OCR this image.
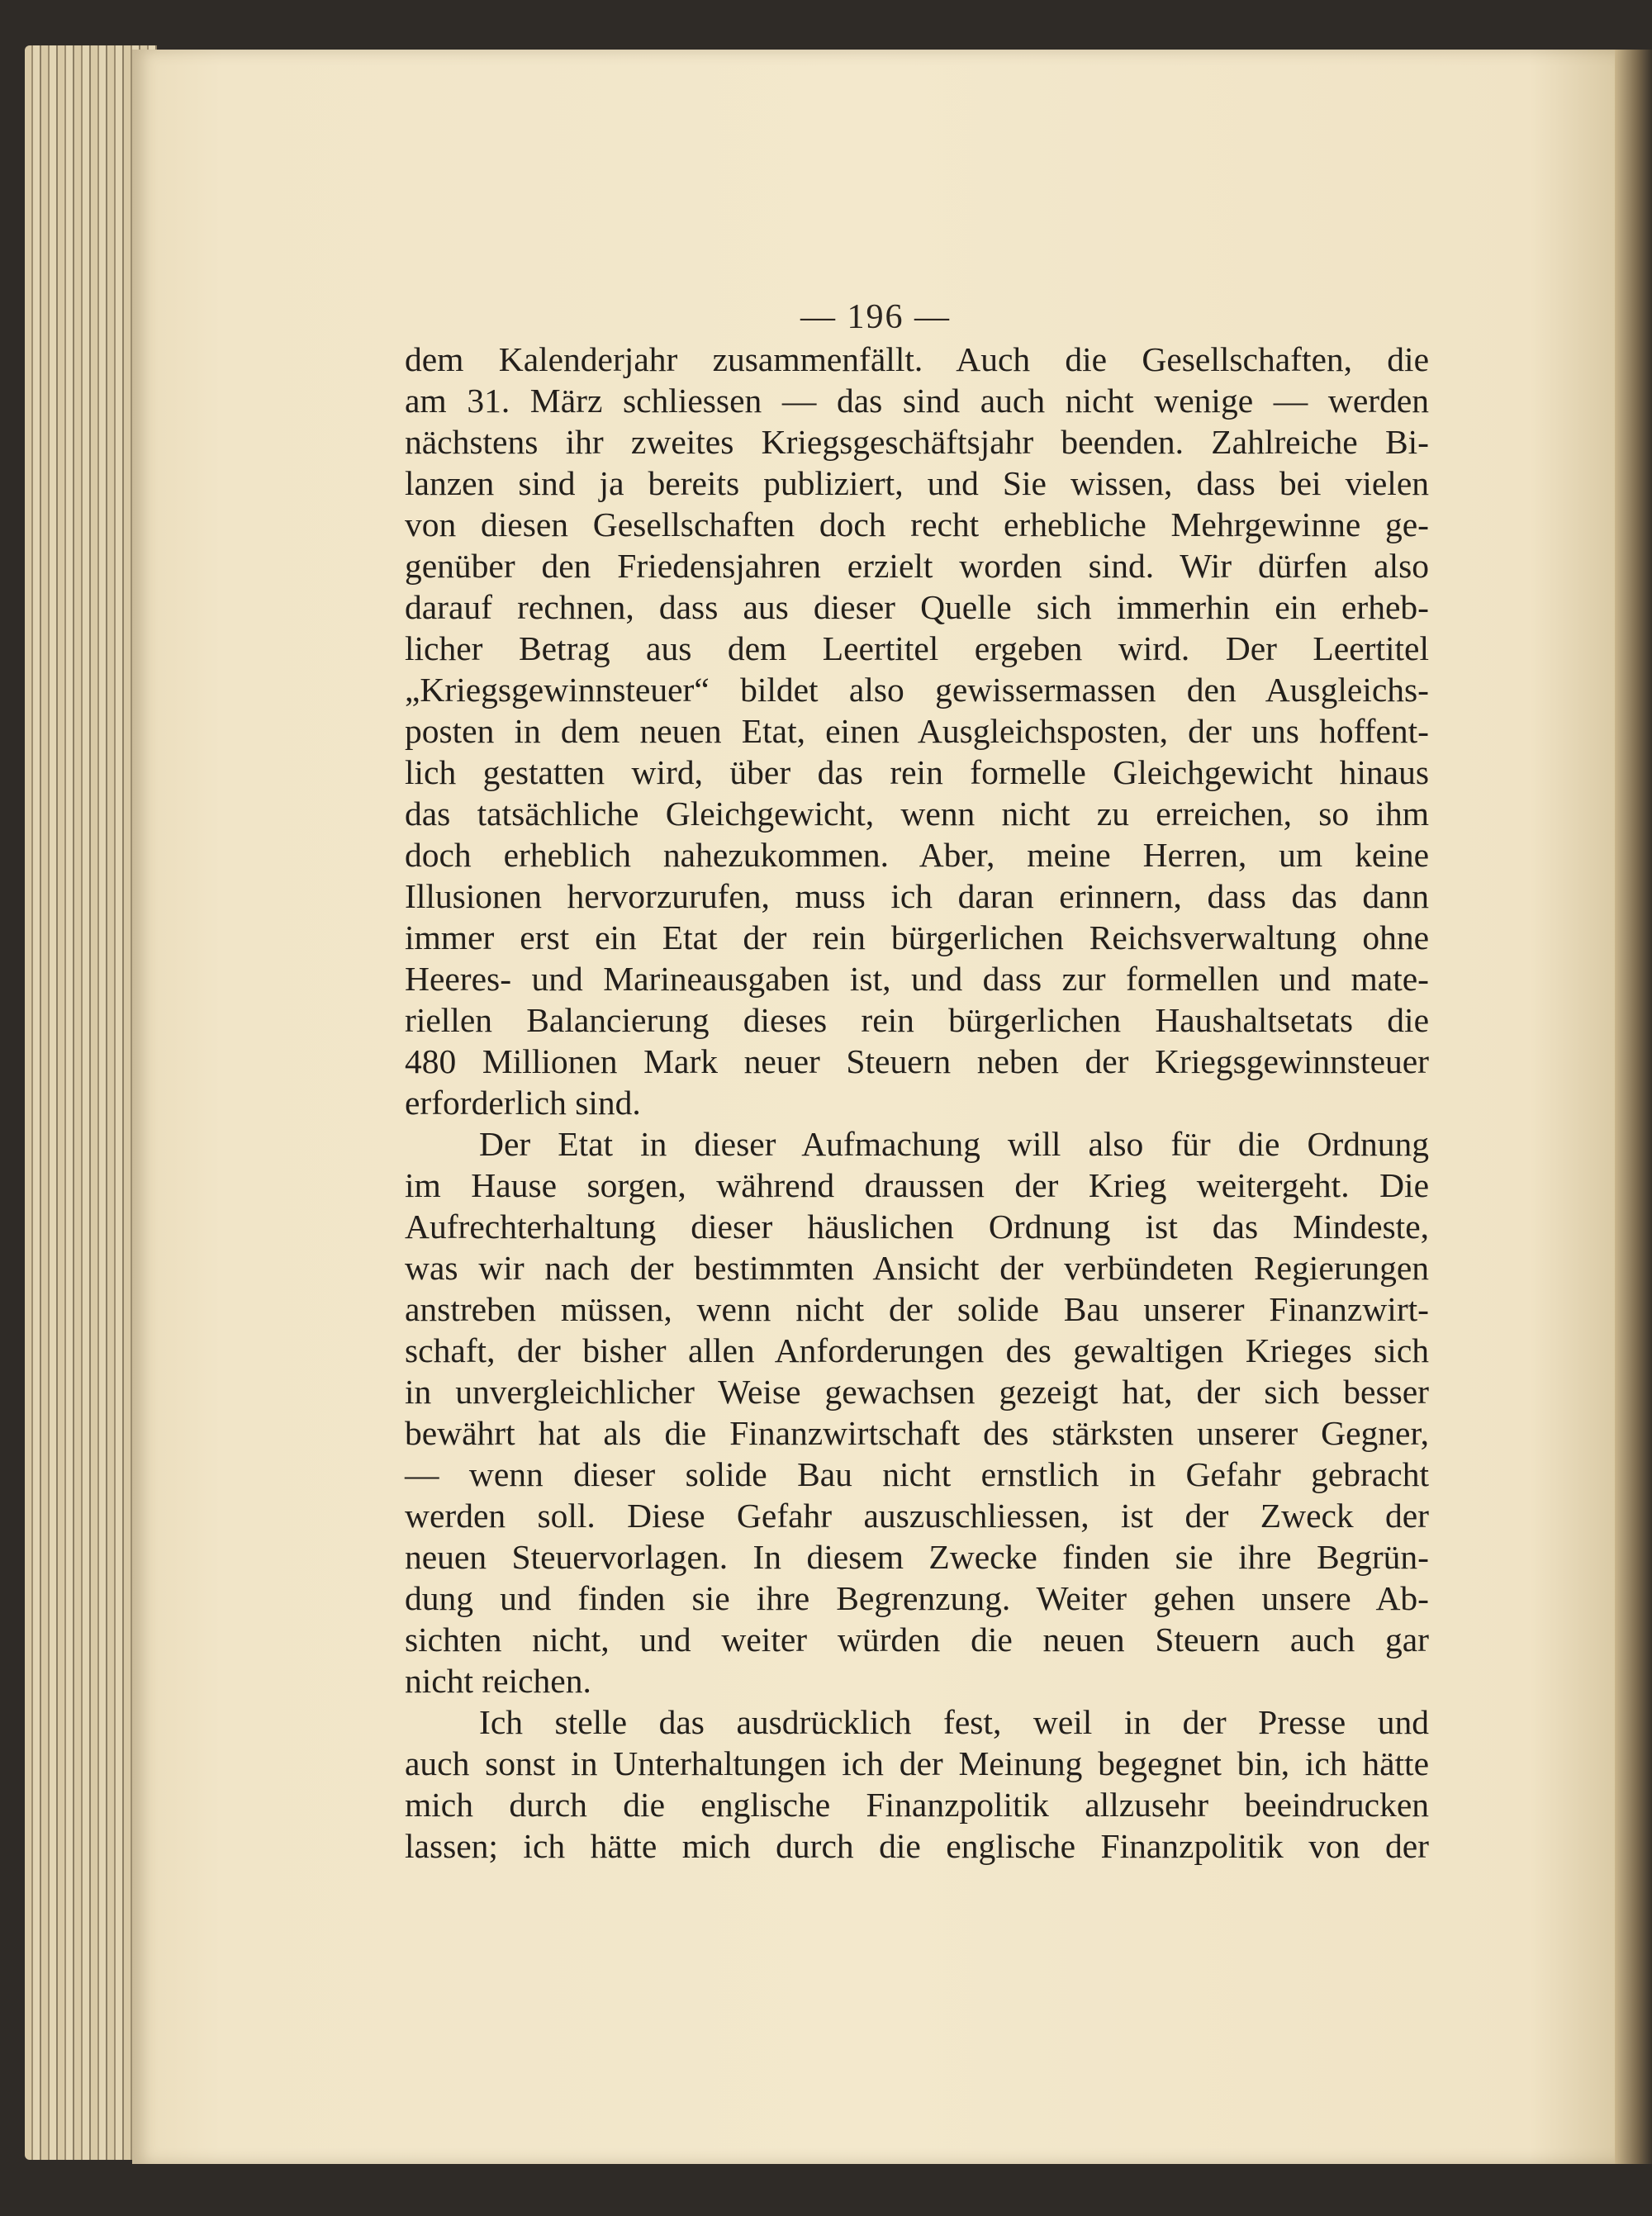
— 196 —
dem Kalenderjahr zusammenfällt. Auch die Gesellschaften, die
am 31. März schliessen — das sind auch nicht wenige — werden
nächstens ihr zweites Kriegsgeschäftsjahr beenden. Zahlreiche Bi-
lanzen sind ja bereits publiziert, und Sie wissen, dass bei vielen
von diesen Gesellschaften doch recht erhebliche Mehrgewinne ge-
genüber den Friedensjahren erzielt worden sind. Wir dürfen also
darauf rechnen, dass aus dieser Quelle sich immerhin ein erheb-
licher Betrag aus dem Leertitel ergeben wird. Der Leertitel
„Kriegsgewinnsteuer“ bildet also gewissermassen den Ausgleichs-
posten in dem neuen Etat, einen Ausgleichsposten, der uns hoffent-
lich gestatten wird, über das rein formelle Gleichgewicht hinaus
das tatsächliche Gleichgewicht, wenn nicht zu erreichen, so ihm
doch erheblich nahezukommen. Aber, meine Herren, um keine
Illusionen hervorzurufen, muss ich daran erinnern, dass das dann
immer erst ein Etat der rein bürgerlichen Reichsverwaltung ohne
Heeres- und Marineausgaben ist, und dass zur formellen und mate-
riellen Balancierung dieses rein bürgerlichen Haushaltsetats die
480 Millionen Mark neuer Steuern neben der Kriegsgewinnsteuer
erforderlich sind.
Der Etat in dieser Aufmachung will also für die Ordnung
im Hause sorgen, während draussen der Krieg weitergeht. Die
Aufrechterhaltung dieser häuslichen Ordnung ist das Mindeste,
was wir nach der bestimmten Ansicht der verbündeten Regierungen
anstreben müssen, wenn nicht der solide Bau unserer Finanzwirt-
schaft, der bisher allen Anforderungen des gewaltigen Krieges sich
in unvergleichlicher Weise gewachsen gezeigt hat, der sich besser
bewährt hat als die Finanzwirtschaft des stärksten unserer Gegner,
— wenn dieser solide Bau nicht ernstlich in Gefahr gebracht
werden soll. Diese Gefahr auszuschliessen, ist der Zweck der
neuen Steuervorlagen. In diesem Zwecke finden sie ihre Begrün-
dung und finden sie ihre Begrenzung. Weiter gehen unsere Ab-
sichten nicht, und weiter würden die neuen Steuern auch gar
nicht reichen.
Ich stelle das ausdrücklich fest, weil in der Presse und
auch sonst in Unterhaltungen ich der Meinung begegnet bin, ich hätte
mich durch die englische Finanzpolitik allzusehr beeindrucken
lassen; ich hätte mich durch die englische Finanzpolitik von der
